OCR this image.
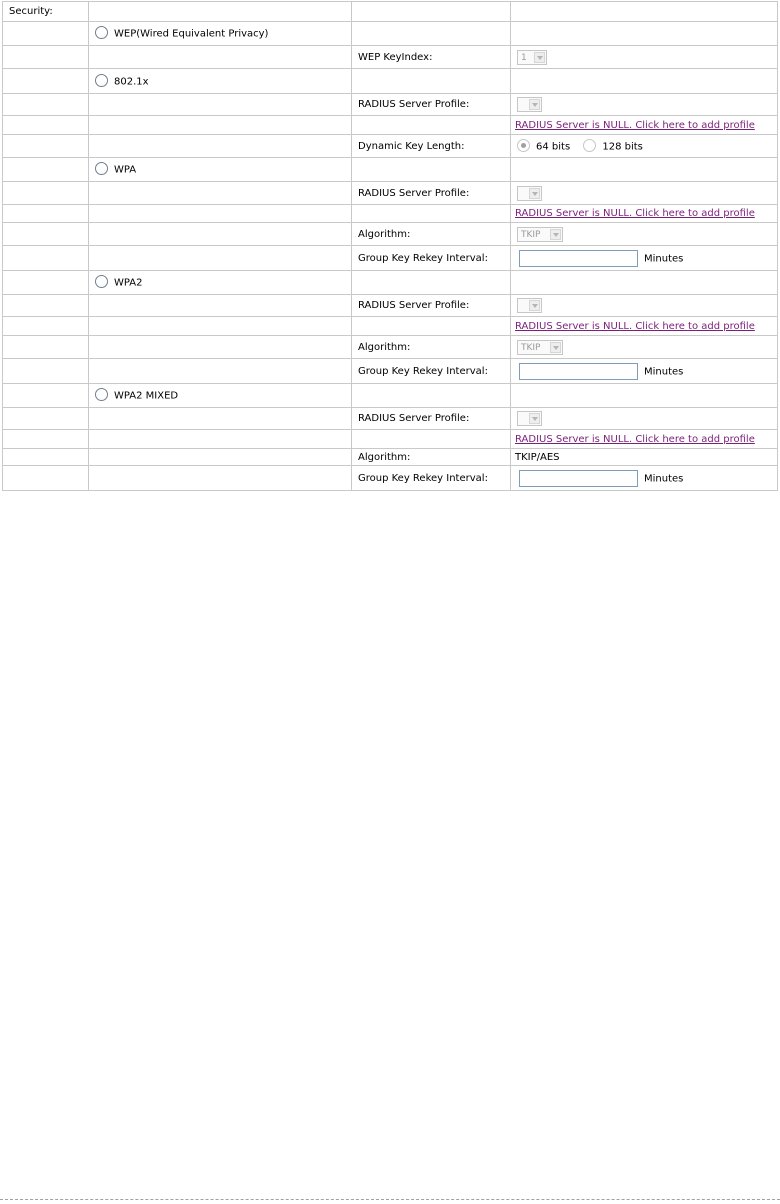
Security:			
	WEP(Wired Equivalent Privacy)		
		WEP KeyIndex:	1

	802.1x		
		RADIUS Server Profile:	

			RADIUS Server is NULL. Click here to add profile
		Dynamic Key Length:	64 bits 128 bits
	WPA		
		RADIUS Server Profile:	

			RADIUS Server is NULL. Click here to add profile
		Algorithm:	TKIP

		Group Key Rekey Interval:	Minutes
	WPA2		
		RADIUS Server Profile:	

			RADIUS Server is NULL. Click here to add profile
		Algorithm:	TKIP

		Group Key Rekey Interval:	Minutes
	WPA2 MIXED		
		RADIUS Server Profile:	

			RADIUS Server is NULL. Click here to add profile
		Algorithm:	TKIP/AES
		Group Key Rekey Interval:	Minutes
